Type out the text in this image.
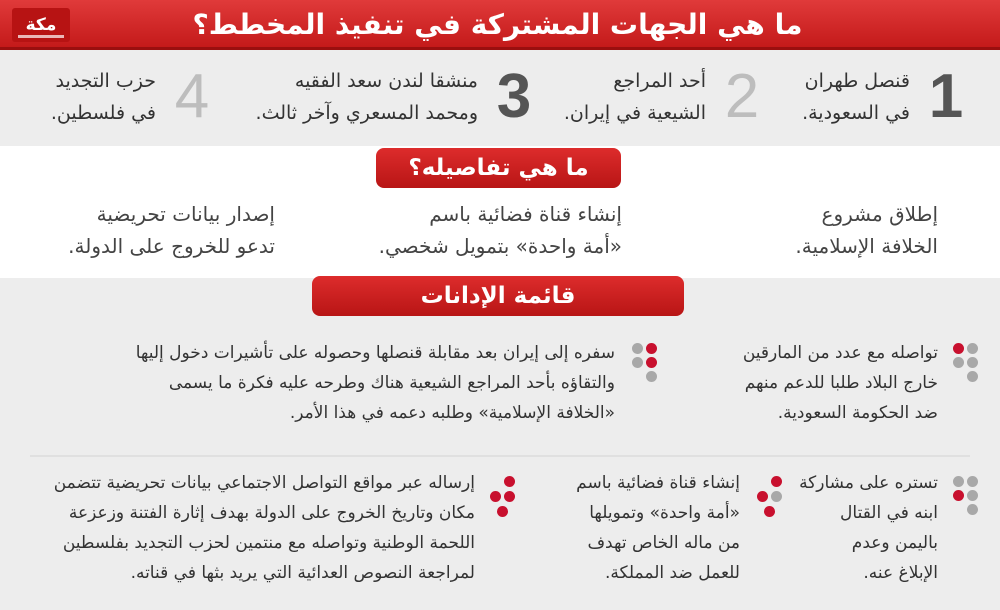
ما هي الجهات المشتركة في تنفيذ المخطط؟
مكة
1
قنصل طهران
في السعودية.
2
أحد المراجع
الشيعية في إيران.
3
منشقا لندن سعد الفقيه
ومحمد المسعري وآخر ثالث.
4
حزب التجديد
في فلسطين.
ما هي تفاصيله؟
إطلاق مشروع
الخلافة الإسلامية.
إنشاء قناة فضائية باسم
«أمة واحدة» بتمويل شخصي.
إصدار بيانات تحريضية
تدعو للخروج على الدولة.
قائمة الإدانات
تواصله مع عدد من المارقين
خارج البلاد طلبا للدعم منهم
ضد الحكومة السعودية.
سفره إلى إيران بعد مقابلة قنصلها وحصوله على تأشيرات دخول إليها
والتقاؤه بأحد المراجع الشيعية هناك وطرحه عليه فكرة ما يسمى
«الخلافة الإسلامية» وطلبه دعمه في هذا الأمر.
تستره على مشاركة
ابنه في القتال
باليمن وعدم
الإبلاغ عنه.
إنشاء قناة فضائية باسم
«أمة واحدة» وتمويلها
من ماله الخاص تهدف
للعمل ضد المملكة.
إرساله عبر مواقع التواصل الاجتماعي بيانات تحريضية تتضمن
مكان وتاريخ الخروج على الدولة بهدف إثارة الفتنة وزعزعة
اللحمة الوطنية وتواصله مع منتمين لحزب التجديد بفلسطين
لمراجعة النصوص العدائية التي يريد بثها في قناته.
